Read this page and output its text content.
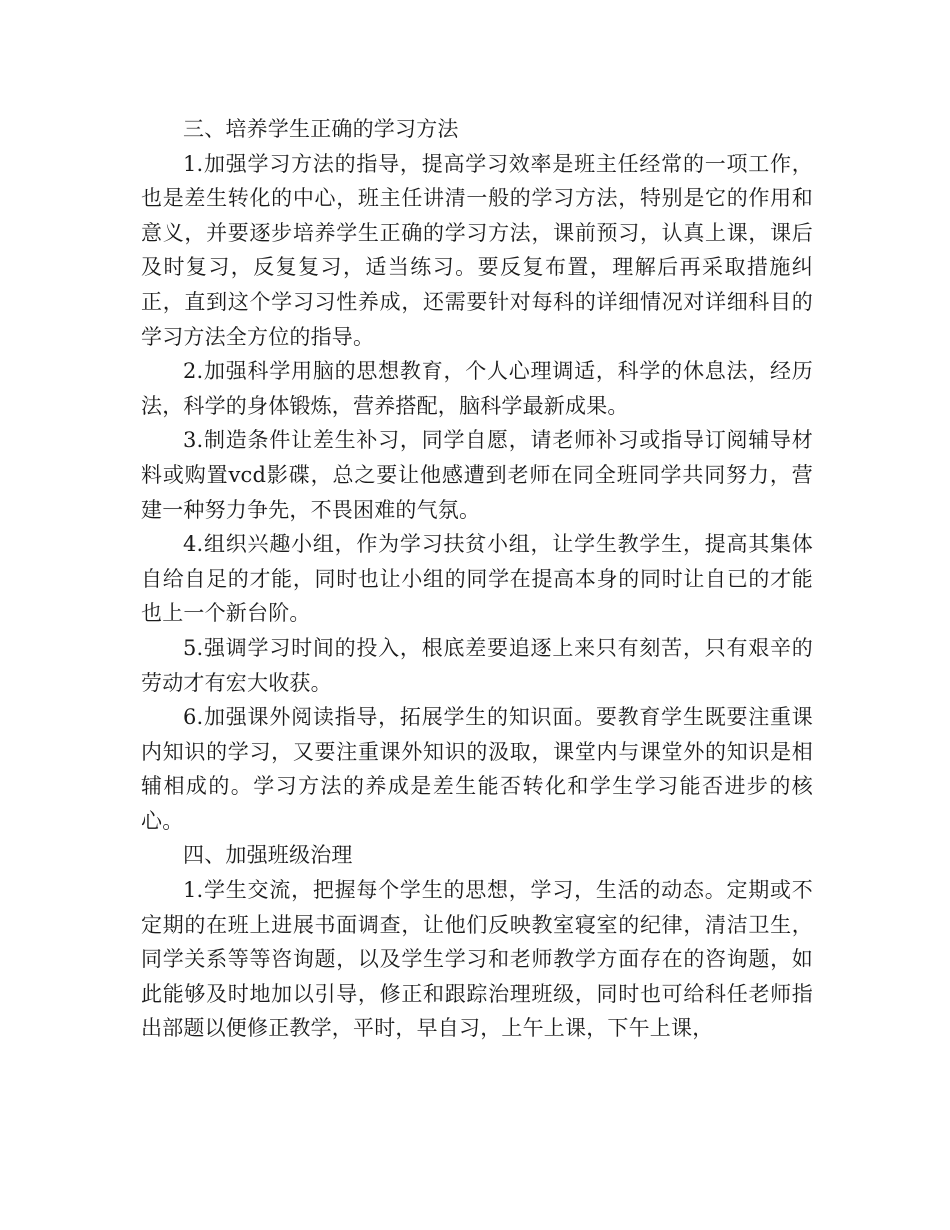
三、培养学生正确的学习方法

1.加强学习方法的指导，提高学习效率是班主任经常的一项工作，也是差生转化的中心，班主任讲清一般的学习方法，特别是它的作用和意义，并要逐步培养学生正确的学习方法，课前预习，认真上课，课后及时复习，反复复习，适当练习。要反复布置，理解后再采取措施纠正，直到这个学习习性养成，还需要针对每科的详细情况对详细科目的学习方法全方位的指导。

2.加强科学用脑的思想教育，个人心理调适，科学的休息法，经历法，科学的身体锻炼，营养搭配，脑科学最新成果。

3.制造条件让差生补习，同学自愿，请老师补习或指导订阅辅导材料或购置vcd影碟，总之要让他感遭到老师在同全班同学共同努力，营建一种努力争先，不畏困难的气氛。

4.组织兴趣小组，作为学习扶贫小组，让学生教学生，提高其集体自给自足的才能，同时也让小组的同学在提高本身的同时让自已的才能也上一个新台阶。

5.强调学习时间的投入，根底差要追逐上来只有刻苦，只有艰辛的劳动才有宏大收获。

6.加强课外阅读指导，拓展学生的知识面。要教育学生既要注重课内知识的学习，又要注重课外知识的汲取，课堂内与课堂外的知识是相辅相成的。学习方法的养成是差生能否转化和学生学习能否进步的核心。

四、加强班级治理

1.学生交流，把握每个学生的思想，学习，生活的动态。定期或不定期的在班上进展书面调查，让他们反映教室寝室的纪律，清洁卫生，同学关系等等咨询题，以及学生学习和老师教学方面存在的咨询题，如此能够及时地加以引导，修正和跟踪治理班级，同时也可给科任老师指出部题以便修正教学，平时，早自习，上午上课，下午上课，
